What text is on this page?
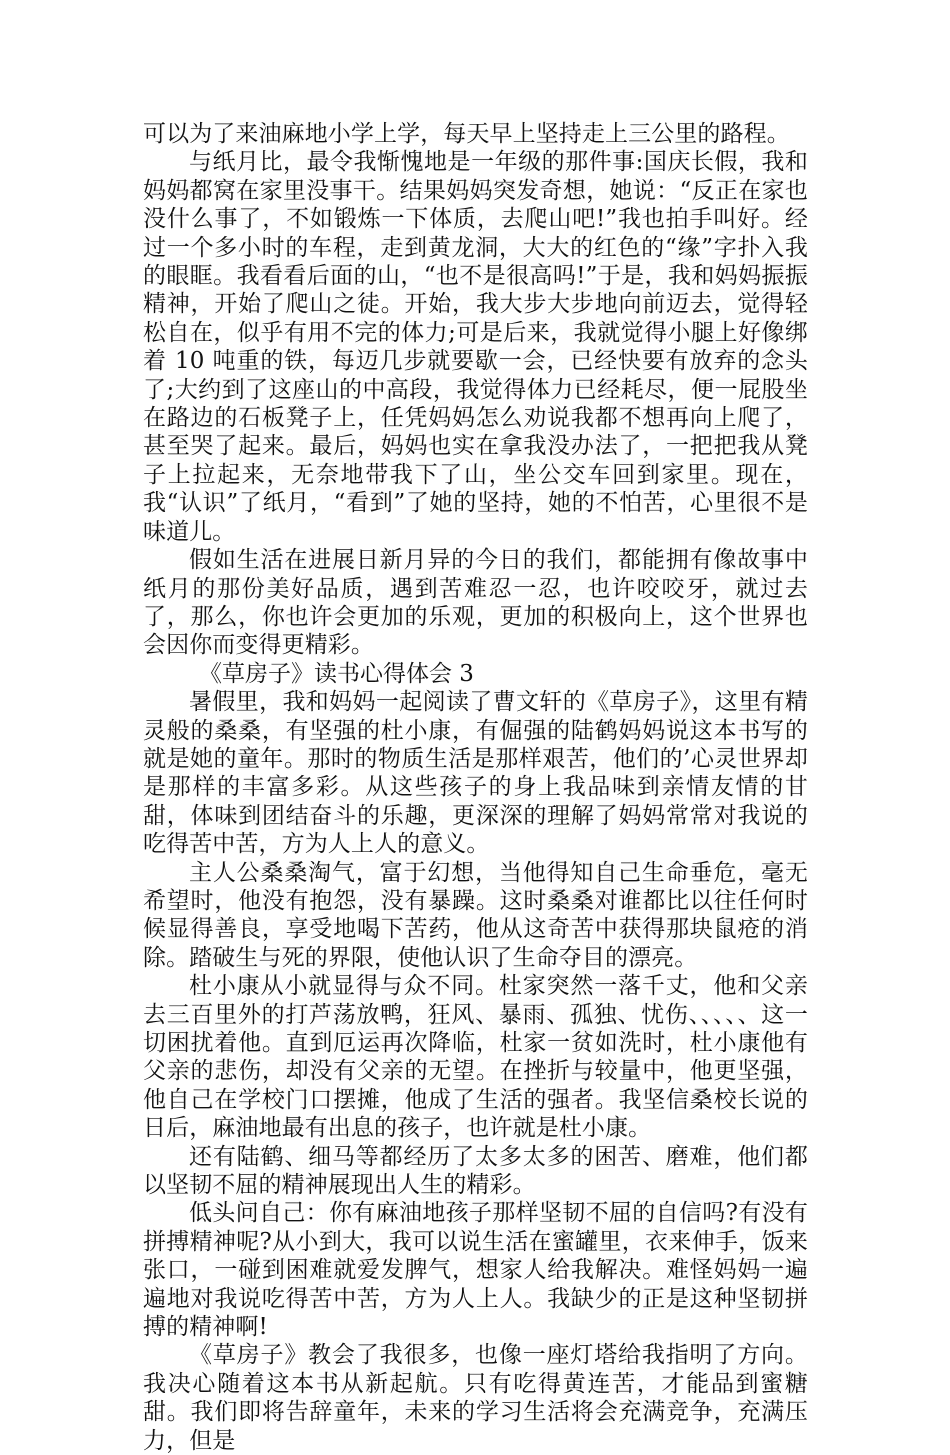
可以为了来油麻地小学上学，每天早上坚持走上三公里的路程。

与纸月比，最令我惭愧地是一年级的那件事:国庆长假，我和妈妈都窝在家里没事干。结果妈妈突发奇想，她说：“反正在家也没什么事了，不如锻炼一下体质，去爬山吧!”我也拍手叫好。经过一个多小时的车程，走到黄龙洞，大大的红色的“缘”字扑入我的眼眶。我看看后面的山，“也不是很高吗!”于是，我和妈妈振振精神，开始了爬山之徒。开始，我大步大步地向前迈去，觉得轻松自在，似乎有用不完的体力;可是后来，我就觉得小腿上好像绑着 10 吨重的铁，每迈几步就要歇一会，已经快要有放弃的念头了;大约到了这座山的中高段，我觉得体力已经耗尽，便一屁股坐在路边的石板凳子上，任凭妈妈怎么劝说我都不想再向上爬了，甚至哭了起来。最后，妈妈也实在拿我没办法了，一把把我从凳子上拉起来，无奈地带我下了山，坐公交车回到家里。现在，我“认识”了纸月，“看到”了她的坚持，她的不怕苦，心里很不是味道儿。

假如生活在进展日新月异的今日的我们，都能拥有像故事中纸月的那份美好品质，遇到苦难忍一忍，也许咬咬牙，就过去了，那么，你也许会更加的乐观，更加的积极向上，这个世界也会因你而变得更精彩。

《草房子》读书心得体会 3

暑假里，我和妈妈一起阅读了曹文轩的《草房子》，这里有精灵般的桑桑，有坚强的杜小康，有倔强的陆鹤妈妈说这本书写的就是她的童年。那时的物质生活是那样艰苦，他们的’心灵世界却是那样的丰富多彩。从这些孩子的身上我品味到亲情友情的甘甜，体味到团结奋斗的乐趣，更深深的理解了妈妈常常对我说的吃得苦中苦，方为人上人的意义。

主人公桑桑淘气，富于幻想，当他得知自己生命垂危，毫无希望时，他没有抱怨，没有暴躁。这时桑桑对谁都比以往任何时候显得善良，享受地喝下苦药，他从这奇苦中获得那块鼠疮的消除。踏破生与死的界限，使他认识了生命夺目的漂亮。

杜小康从小就显得与众不同。杜家突然一落千丈，他和父亲去三百里外的打芦荡放鸭，狂风、暴雨、孤独、忧伤、、、、、这一切困扰着他。直到厄运再次降临，杜家一贫如洗时，杜小康他有父亲的悲伤，却没有父亲的无望。在挫折与较量中，他更坚强，他自己在学校门口摆摊，他成了生活的强者。我坚信桑校长说的日后，麻油地最有出息的孩子，也许就是杜小康。

还有陆鹤、细马等都经历了太多太多的困苦、磨难，他们都以坚韧不屈的精神展现出人生的精彩。

低头问自己：你有麻油地孩子那样坚韧不屈的自信吗?有没有拼搏精神呢?从小到大，我可以说生活在蜜罐里，衣来伸手，饭来张口，一碰到困难就爱发脾气，想家人给我解决。难怪妈妈一遍遍地对我说吃得苦中苦，方为人上人。我缺少的正是这种坚韧拼搏的精神啊!

《草房子》教会了我很多，也像一座灯塔给我指明了方向。我决心随着这本书从新起航。只有吃得黄连苦，才能品到蜜糖甜。我们即将告辞童年，未来的学习生活将会充满竞争，充满压力，但是
